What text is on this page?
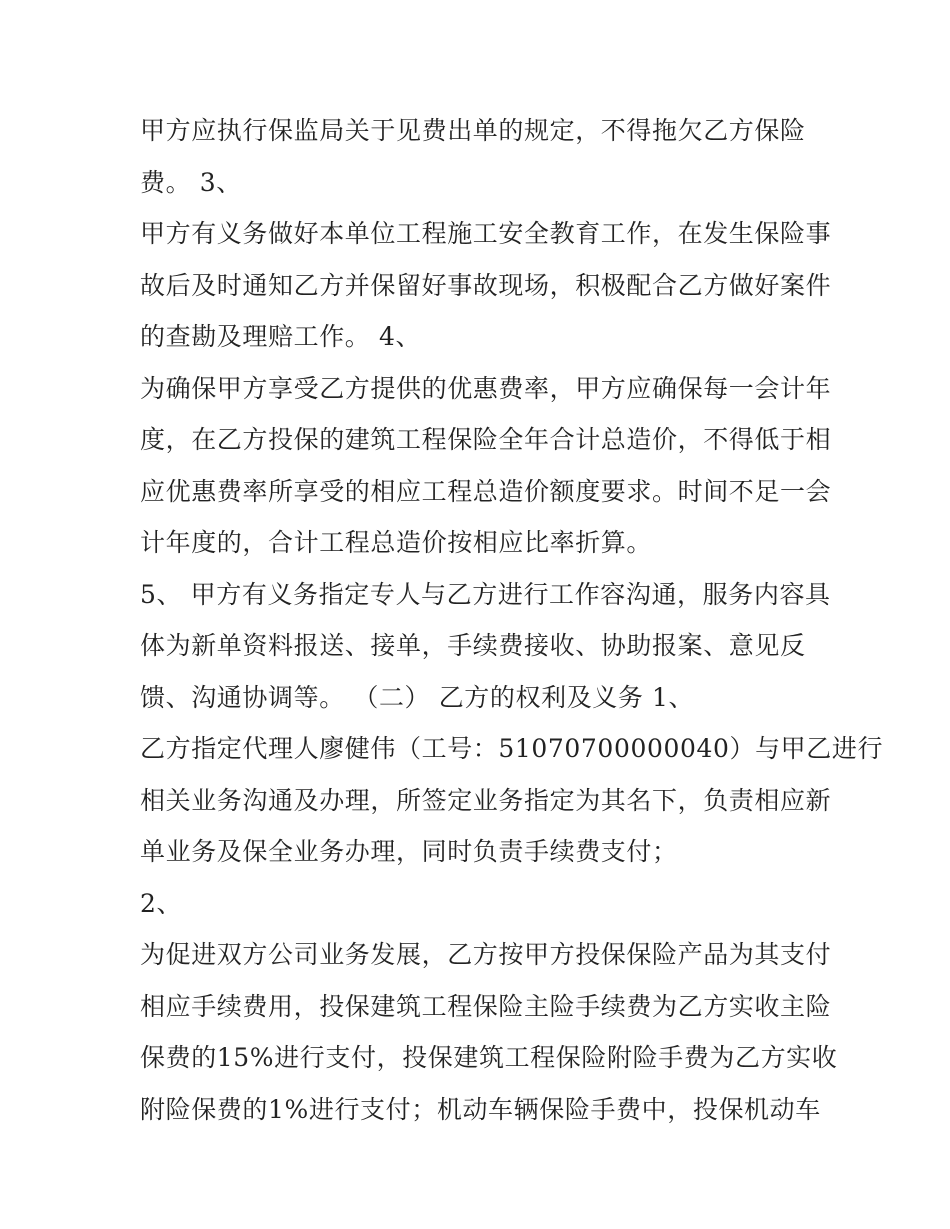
甲方应执行保监局关于见费出单的规定，不得拖欠乙方保险
费。 3、
甲方有义务做好本单位工程施工安全教育工作，在发生保险事
故后及时通知乙方并保留好事故现场，积极配合乙方做好案件
的查勘及理赔工作。 4、
为确保甲方享受乙方提供的优惠费率，甲方应确保每一会计年
度，在乙方投保的建筑工程保险全年合计总造价，不得低于相
应优惠费率所享受的相应工程总造价额度要求。时间不足一会
计年度的，合计工程总造价按相应比率折算。
5、 甲方有义务指定专人与乙方进行工作容沟通，服务内容具
体为新单资料报送、接单，手续费接收、协助报案、意见反
馈、沟通协调等。 （二） 乙方的权利及义务 1、
乙方指定代理人廖健伟（工号：51070700000040）与甲乙进行
相关业务沟通及办理，所签定业务指定为其名下，负责相应新
单业务及保全业务办理，同时负责手续费支付；
2、
为促进双方公司业务发展，乙方按甲方投保保险产品为其支付
相应手续费用，投保建筑工程保险主险手续费为乙方实收主险
保费的15%进行支付，投保建筑工程保险附险手费为乙方实收
附险保费的1%进行支付；机动车辆保险手费中，投保机动车
